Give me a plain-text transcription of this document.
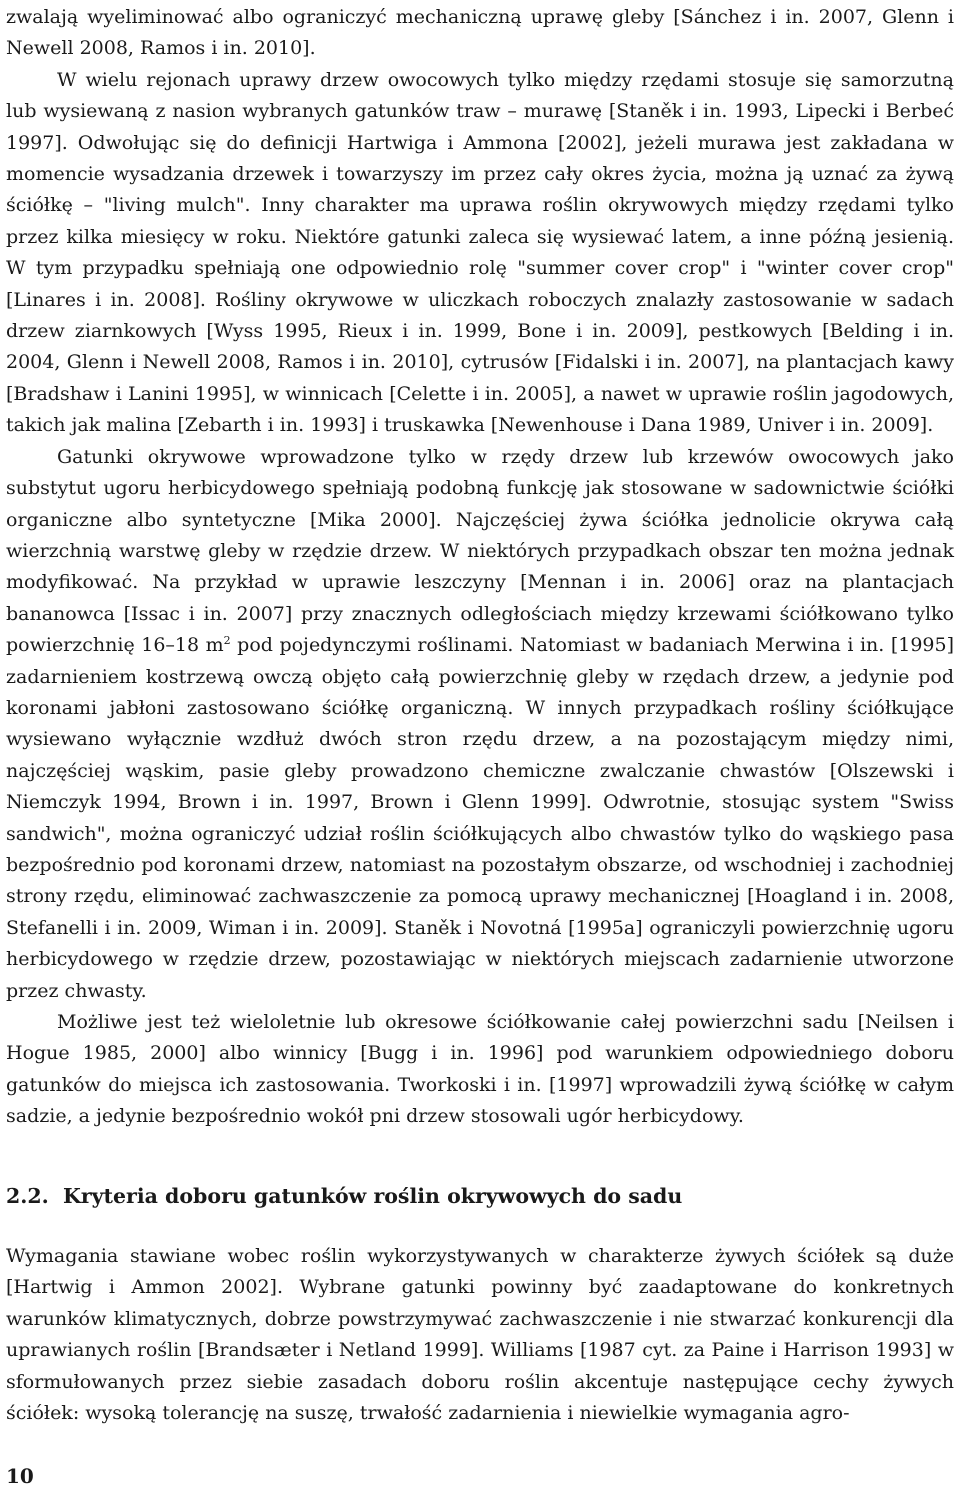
zwalają wyeliminować albo ograniczyć mechaniczną uprawę gleby [Sánchez i in. 2007, Glenn i Newell 2008, Ramos i in. 2010].

W wielu rejonach uprawy drzew owocowych tylko między rzędami stosuje się samorzutną lub wysiewaną z nasion wybranych gatunków traw – murawę [Staněk i in. 1993, Lipecki i Berbeć 1997]. Odwołując się do definicji Hartwiga i Ammona [2002], jeżeli murawa jest zakładana w momencie wysadzania drzewek i towarzyszy im przez cały okres życia, można ją uznać za żywą ściółkę – "living mulch". Inny charakter ma uprawa roślin okrywowych między rzędami tylko przez kilka miesięcy w roku. Niektóre gatunki zaleca się wysiewać latem, a inne późną jesienią. W tym przypadku spełniają one odpowiednio rolę "summer cover crop" i "winter cover crop" [Linares i in. 2008]. Rośliny okrywowe w uliczkach roboczych znalazły zastosowanie w sadach drzew ziarnkowych [Wyss 1995, Rieux i in. 1999, Bone i in. 2009], pestkowych [Belding i in. 2004, Glenn i Newell 2008, Ramos i in. 2010], cytrusów [Fidalski i in. 2007], na plantacjach kawy [Bradshaw i Lanini 1995], w winnicach [Celette i in. 2005], a nawet w uprawie roślin jagodowych, takich jak malina [Zebarth i in. 1993] i truskawka [Newenhouse i Dana 1989, Univer i in. 2009].

Gatunki okrywowe wprowadzone tylko w rzędy drzew lub krzewów owocowych jako substytut ugoru herbicydowego spełniają podobną funkcję jak stosowane w sadownictwie ściółki organiczne albo syntetyczne [Mika 2000]. Najczęściej żywa ściółka jednolicie okrywa całą wierzchnią warstwę gleby w rzędzie drzew. W niektórych przypadkach obszar ten można jednak modyfikować. Na przykład w uprawie leszczyny [Mennan i in. 2006] oraz na plantacjach bananowca [Issac i in. 2007] przy znacznych odległościach między krzewami ściółkowano tylko powierzchnię 16–18 $m^2$ pod pojedynczymi roślinami. Natomiast w badaniach Merwina i in. [1995] zadarnieniem kostrzewą owczą objęto całą powierzchnię gleby w rzędach drzew, a jedynie pod koronami jabłoni zastosowano ściółkę organiczną. W innych przypadkach rośliny ściółkujące wysiewano wyłącznie wzdłuż dwóch stron rzędu drzew, a na pozostającym między nimi, najczęściej wąskim, pasie gleby prowadzono chemiczne zwalczanie chwastów [Olszewski i Niemczyk 1994, Brown i in. 1997, Brown i Glenn 1999]. Odwrotnie, stosując system "Swiss sandwich", można ograniczyć udział roślin ściółkujących albo chwastów tylko do wąskiego pasa bezpośrednio pod koronami drzew, natomiast na pozostałym obszarze, od wschodniej i zachodniej strony rzędu, eliminować zachwaszczenie za pomocą uprawy mechanicznej [Hoagland i in. 2008, Stefanelli i in. 2009, Wiman i in. 2009]. Staněk i Novotná [1995a] ograniczyli powierzchnię ugoru herbicydowego w rzędzie drzew, pozostawiając w niektórych miejscach zadarnienie utworzone przez chwasty.

Możliwe jest też wieloletnie lub okresowe ściółkowanie całej powierzchni sadu [Neilsen i Hogue 1985, 2000] albo winnicy [Bugg i in. 1996] pod warunkiem odpowiedniego doboru gatunków do miejsca ich zastosowania. Tworkoski i in. [1997] wprowadzili żywą ściółkę w całym sadzie, a jedynie bezpośrednio wokół pni drzew stosowali ugór herbicydowy.

2.2. Kryteria doboru gatunków roślin okrywowych do sadu

Wymagania stawiane wobec roślin wykorzystywanych w charakterze żywych ściółek są duże [Hartwig i Ammon 2002]. Wybrane gatunki powinny być zaadaptowane do konkretnych warunków klimatycznych, dobrze powstrzymywać zachwaszczenie i nie stwarzać konkurencji dla uprawianych roślin [Brandsæter i Netland 1999]. Williams [1987 cyt. za Paine i Harrison 1993] w sformułowanych przez siebie zasadach doboru roślin akcentuje następujące cechy żywych ściółek: wysoką tolerancję na suszę, trwałość zadarnienia i niewielkie wymagania agro-

10
